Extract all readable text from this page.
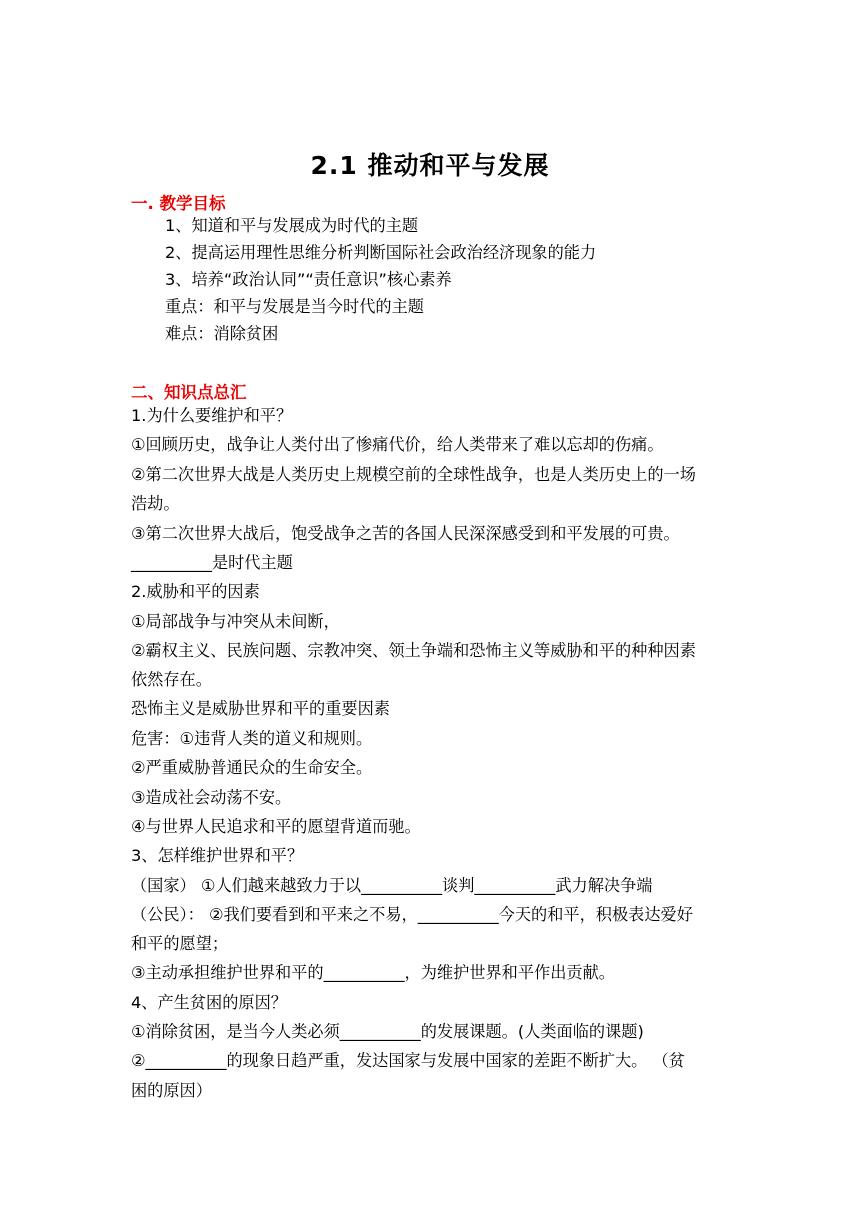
2.1 推动和平与发展
一. 教学目标
1、知道和平与发展成为时代的主题
2、提高运用理性思维分析判断国际社会政治经济现象的能力
3、培养“政治认同”“责任意识”核心素养
重点：和平与发展是当今时代的主题
难点：消除贫困
二、知识点总汇
1.为什么要维护和平？
①回顾历史，战争让人类付出了惨痛代价，给人类带来了难以忘却的伤痛。
②第二次世界大战是人类历史上规模空前的全球性战争，也是人类历史上的一场
浩劫。
③第二次世界大战后，饱受战争之苦的各国人民深深感受到和平发展的可贵。
__________是时代主题
2.威胁和平的因素
①局部战争与冲突从未间断，
②霸权主义、民族问题、宗教冲突、领土争端和恐怖主义等威胁和平的种种因素
依然存在。
恐怖主义是威胁世界和平的重要因素
危害：①违背人类的道义和规则。
②严重威胁普通民众的生命安全。
③造成社会动荡不安。
④与世界人民追求和平的愿望背道而驰。
3、怎样维护世界和平？
（国家） ①人们越来越致力于以__________谈判__________武力解决争端
（公民）： ②我们要看到和平来之不易，__________今天的和平，积极表达爱好
和平的愿望；
③主动承担维护世界和平的__________，为维护世界和平作出贡献。
4、产生贫困的原因？
①消除贫困，是当今人类必须__________的发展课题。(人类面临的课题)
②__________的现象日趋严重，发达国家与发展中国家的差距不断扩大。 （贫
困的原因）
